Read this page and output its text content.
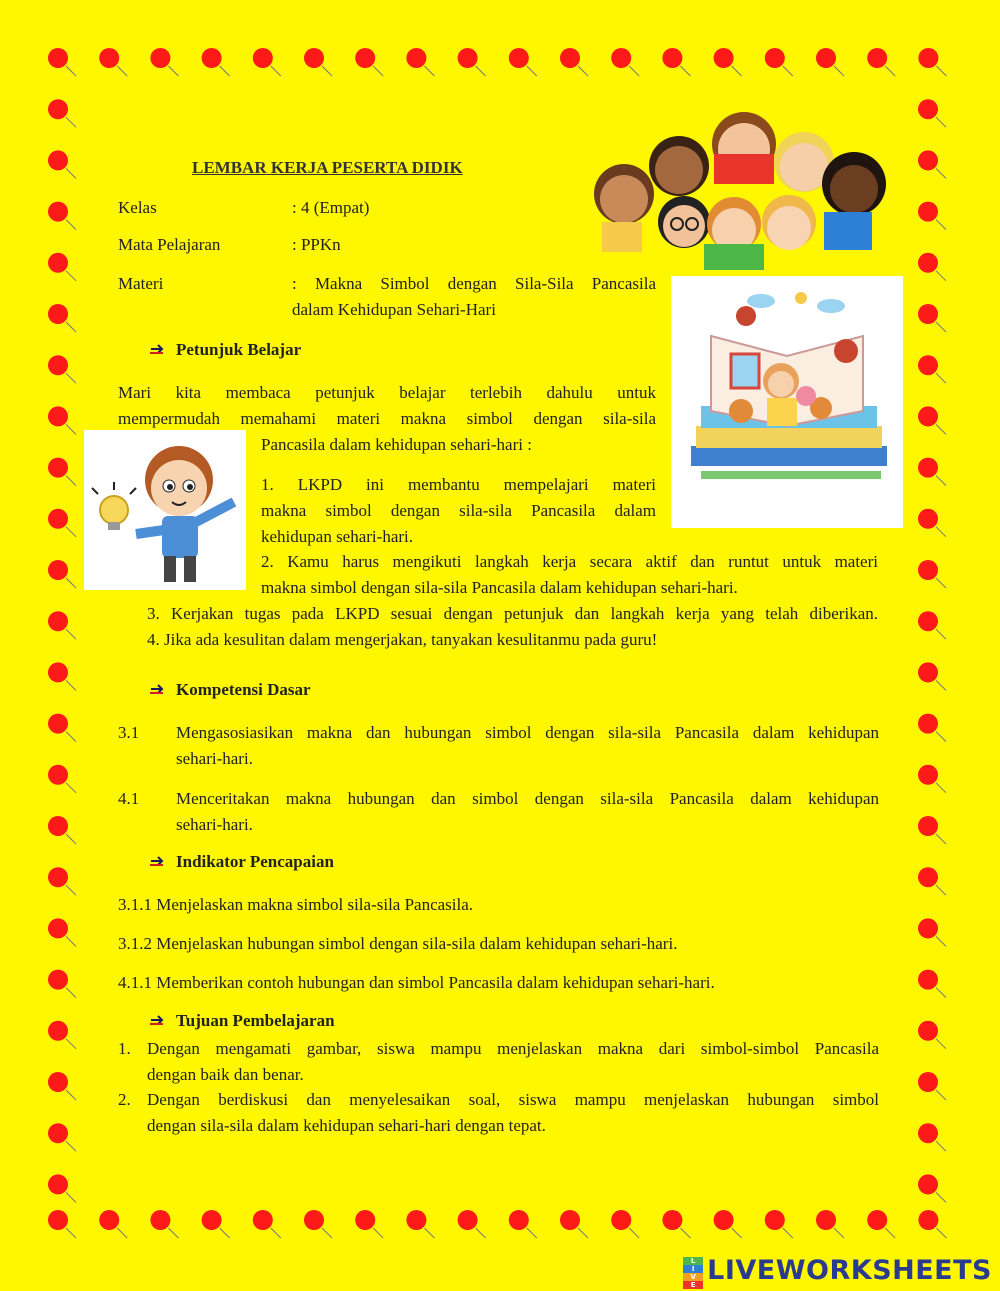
LEMBAR KERJA PESERTA DIDIK
Kelas	: 4 (Empat)
Mata Pelajaran	: PPKn
Materi	: Makna Simbol dengan Sila-Sila Pancasila
dalam Kehidupan Sehari-Hari
Petunjuk Belajar
Mari kita membaca petunjuk belajar terlebih dahulu untuk
mempermudah memahami materi makna simbol dengan sila-sila
Pancasila dalam kehidupan sehari-hari :
1. LKPD ini membantu mempelajari materi
makna simbol dengan sila-sila Pancasila dalam
kehidupan sehari-hari.
2. Kamu harus mengikuti langkah kerja secara aktif dan runtut untuk materi
makna simbol dengan sila-sila Pancasila dalam kehidupan sehari-hari.
3. Kerjakan tugas pada LKPD sesuai dengan petunjuk dan langkah kerja yang telah diberikan.
4. Jika ada kesulitan dalam mengerjakan, tanyakan kesulitanmu pada guru!
Kompetensi Dasar
3.1 Mengasosiasikan makna dan hubungan simbol dengan sila-sila Pancasila dalam kehidupan
sehari-hari.
4.1 Menceritakan makna hubungan dan simbol dengan sila-sila Pancasila dalam kehidupan
sehari-hari.
Indikator Pencapaian
3.1.1 Menjelaskan makna simbol sila-sila Pancasila.
3.1.2 Menjelaskan hubungan simbol dengan sila-sila dalam kehidupan sehari-hari.
4.1.1 Memberikan contoh hubungan dan simbol Pancasila dalam kehidupan sehari-hari.
Tujuan Pembelajaran
1. Dengan mengamati gambar, siswa mampu menjelaskan makna dari simbol-simbol Pancasila
dengan baik dan benar.
2. Dengan berdiskusi dan menyelesaikan soal, siswa mampu menjelaskan hubungan simbol
dengan sila-sila dalam kehidupan sehari-hari dengan tepat.
L
I
V
E LIVEWORKSHEETS
